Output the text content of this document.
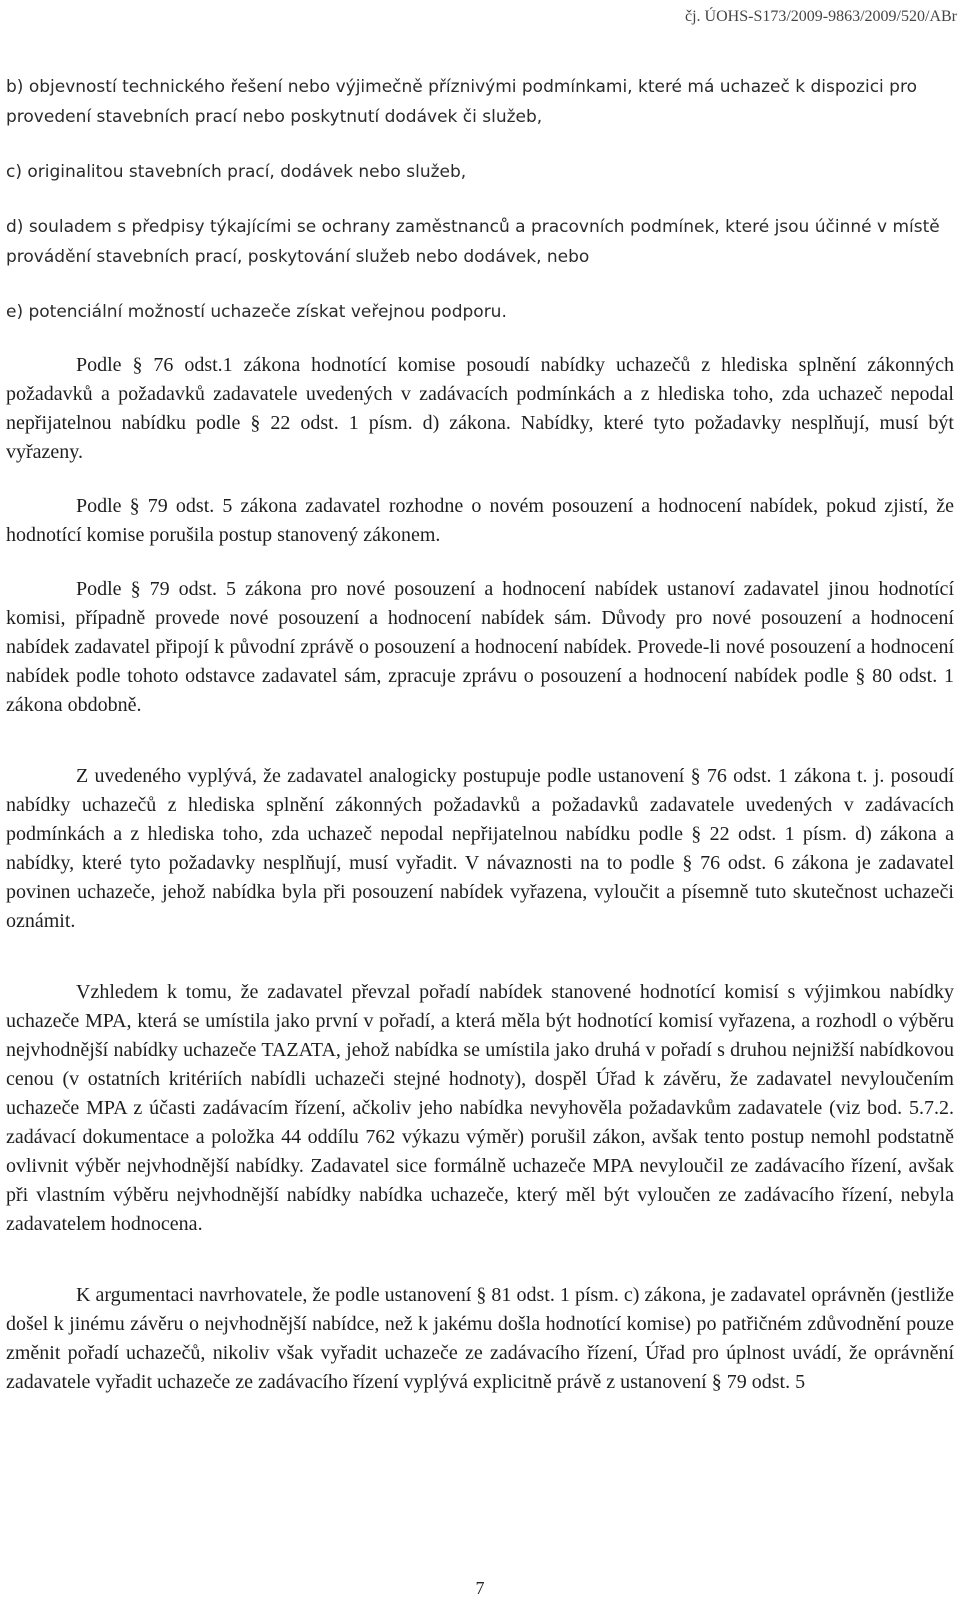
čj. ÚOHS-S173/2009-9863/2009/520/ABr

b) objevností technického řešení nebo výjimečně příznivými podmínkami, které má uchazeč k dispozici pro provedení stavebních prací nebo poskytnutí dodávek či služeb,

c) originalitou stavebních prací, dodávek nebo služeb,

d) souladem s předpisy týkajícími se ochrany zaměstnanců a pracovních podmínek, které jsou účinné v místě provádění stavebních prací, poskytování služeb nebo dodávek, nebo

e) potenciální možností uchazeče získat veřejnou podporu.

Podle § 76 odst.1 zákona hodnotící komise posoudí nabídky uchazečů z hlediska splnění zákonných požadavků a požadavků zadavatele uvedených v zadávacích podmínkách a z hlediska toho, zda uchazeč nepodal nepřijatelnou nabídku podle § 22 odst. 1 písm. d) zákona. Nabídky, které tyto požadavky nesplňují, musí být vyřazeny.

Podle § 79 odst. 5 zákona zadavatel rozhodne o novém posouzení a hodnocení nabídek, pokud zjistí, že hodnotící komise porušila postup stanovený zákonem.

Podle § 79 odst. 5 zákona pro nové posouzení a hodnocení nabídek ustanoví zadavatel jinou hodnotící komisi, případně provede nové posouzení a hodnocení nabídek sám. Důvody pro nové posouzení a hodnocení nabídek zadavatel připojí k původní zprávě o posouzení a hodnocení nabídek. Provede-li nové posouzení a hodnocení nabídek podle tohoto odstavce zadavatel sám, zpracuje zprávu o posouzení a hodnocení nabídek podle § 80 odst. 1 zákona obdobně.

Z uvedeného vyplývá, že zadavatel analogicky postupuje podle ustanovení § 76 odst. 1 zákona t. j. posoudí nabídky uchazečů z hlediska splnění zákonných požadavků a požadavků zadavatele uvedených v zadávacích podmínkách a z hlediska toho, zda uchazeč nepodal nepřijatelnou nabídku podle § 22 odst. 1 písm. d) zákona a nabídky, které tyto požadavky nesplňují, musí vyřadit. V návaznosti na to podle § 76 odst. 6 zákona je zadavatel povinen uchazeče, jehož nabídka byla při posouzení nabídek vyřazena, vyloučit a písemně tuto skutečnost uchazeči oznámit.

Vzhledem k tomu, že zadavatel převzal pořadí nabídek stanovené hodnotící komisí s výjimkou nabídky uchazeče MPA, která se umístila jako první v pořadí, a která měla být hodnotící komisí vyřazena, a rozhodl o výběru nejvhodnější nabídky uchazeče TAZATA, jehož nabídka se umístila jako druhá v pořadí s druhou nejnižší nabídkovou cenou (v ostatních kritériích nabídli uchazeči stejné hodnoty), dospěl Úřad k závěru, že zadavatel nevyloučením uchazeče MPA z účasti zadávacím řízení, ačkoliv jeho nabídka nevyhověla požadavkům zadavatele (viz bod. 5.7.2. zadávací dokumentace a položka 44 oddílu 762 výkazu výměr) porušil zákon, avšak tento postup nemohl podstatně ovlivnit výběr nejvhodnější nabídky. Zadavatel sice formálně uchazeče MPA nevyloučil ze zadávacího řízení, avšak při vlastním výběru nejvhodnější nabídky nabídka uchazeče, který měl být vyloučen ze zadávacího řízení, nebyla zadavatelem hodnocena.

K argumentaci navrhovatele, že podle ustanovení § 81 odst. 1 písm. c) zákona, je zadavatel oprávněn (jestliže došel k jinému závěru o nejvhodnější nabídce, než k jakému došla hodnotící komise) po patřičném zdůvodnění pouze změnit pořadí uchazečů, nikoliv však vyřadit uchazeče ze zadávacího řízení, Úřad pro úplnost uvádí, že oprávnění zadavatele vyřadit uchazeče ze zadávacího řízení vyplývá explicitně právě z ustanovení § 79 odst. 5

7
